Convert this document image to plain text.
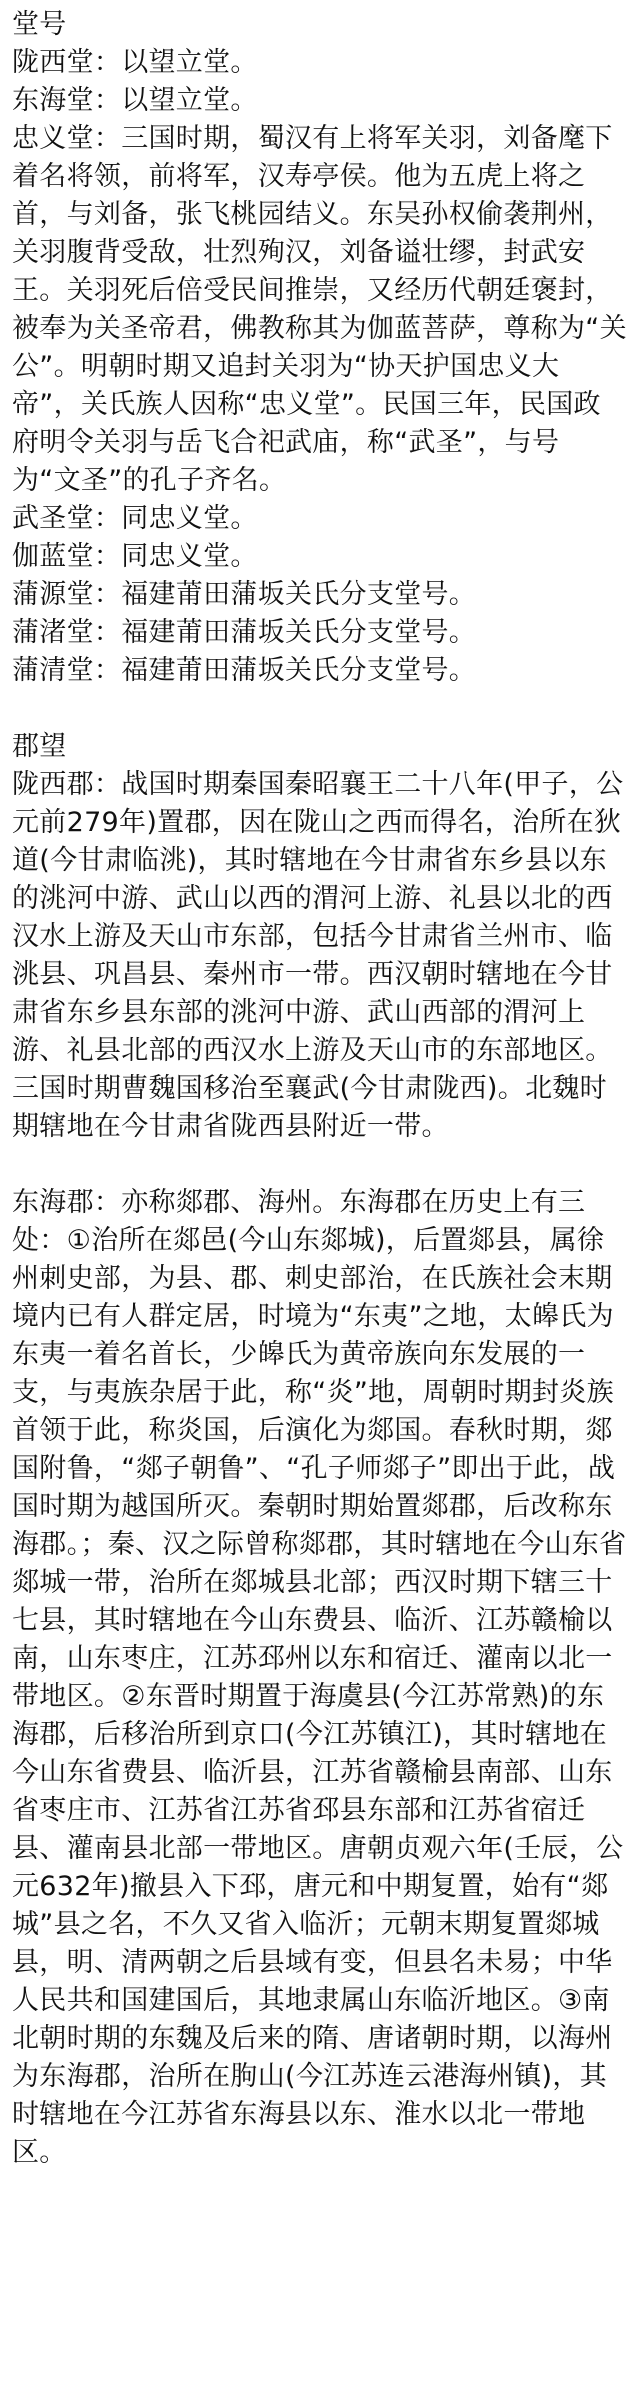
堂号

陇西堂：以望立堂。

东海堂：以望立堂。

忠义堂：三国时期，蜀汉有上将军关羽，刘备麾下着名将领，前将军，汉寿亭侯。他为五虎上将之首，与刘备，张飞桃园结义。东吴孙权偷袭荆州，关羽腹背受敌，壮烈殉汉，刘备谥壮缪，封武安王。关羽死后倍受民间推崇，又经历代朝廷褒封，被奉为关圣帝君，佛教称其为伽蓝菩萨，尊称为“关公”。明朝时期又追封关羽为“协天护国忠义大帝”，关氏族人因称“忠义堂”。民国三年，民国政府明令关羽与岳飞合祀武庙，称“武圣”，与号为“文圣”的孔子齐名。

武圣堂：同忠义堂。

伽蓝堂：同忠义堂。

蒲源堂：福建莆田蒲坂关氏分支堂号。

蒲渚堂：福建莆田蒲坂关氏分支堂号。

蒲清堂：福建莆田蒲坂关氏分支堂号。

郡望

陇西郡：战国时期秦国秦昭襄王二十八年(甲子，公元前279年)置郡，因在陇山之西而得名，治所在狄道(今甘肃临洮)，其时辖地在今甘肃省东乡县以东的洮河中游、武山以西的渭河上游、礼县以北的西汉水上游及天山市东部，包括今甘肃省兰州市、临洮县、巩昌县、秦州市一带。西汉朝时辖地在今甘肃省东乡县东部的洮河中游、武山西部的渭河上游、礼县北部的西汉水上游及天山市的东部地区。三国时期曹魏国移治至襄武(今甘肃陇西)。北魏时期辖地在今甘肃省陇西县附近一带。

东海郡：亦称郯郡、海州。东海郡在历史上有三处：①治所在郯邑(今山东郯城)，后置郯县，属徐州刺史部，为县、郡、刺史部治，在氏族社会末期境内已有人群定居，时境为“东夷”之地，太皞氏为东夷一着名首长，少皞氏为黄帝族向东发展的一支，与夷族杂居于此，称“炎”地，周朝时期封炎族首领于此，称炎国，后演化为郯国。春秋时期，郯国附鲁，“郯子朝鲁”、“孔子师郯子”即出于此，战国时期为越国所灭。秦朝时期始置郯郡，后改称东海郡。；秦、汉之际曾称郯郡，其时辖地在今山东省郯城一带，治所在郯城县北部；西汉时期下辖三十七县，其时辖地在今山东费县、临沂、江苏赣榆以南，山东枣庄，江苏邳州以东和宿迁、灌南以北一带地区。②东晋时期置于海虞县(今江苏常熟)的东海郡，后移治所到京口(今江苏镇江)，其时辖地在今山东省费县、临沂县，江苏省赣榆县南部、山东省枣庄市、江苏省江苏省邳县东部和江苏省宿迁县、灌南县北部一带地区。唐朝贞观六年(壬辰，公元632年)撤县入下邳，唐元和中期复置，始有“郯城”县之名，不久又省入临沂；元朝末期复置郯城县，明、清两朝之后县域有变，但县名未易；中华人民共和国建国后，其地隶属山东临沂地区。③南北朝时期的东魏及后来的隋、唐诸朝时期，以海州为东海郡，治所在朐山(今江苏连云港海州镇)，其时辖地在今江苏省东海县以东、淮水以北一带地区。
